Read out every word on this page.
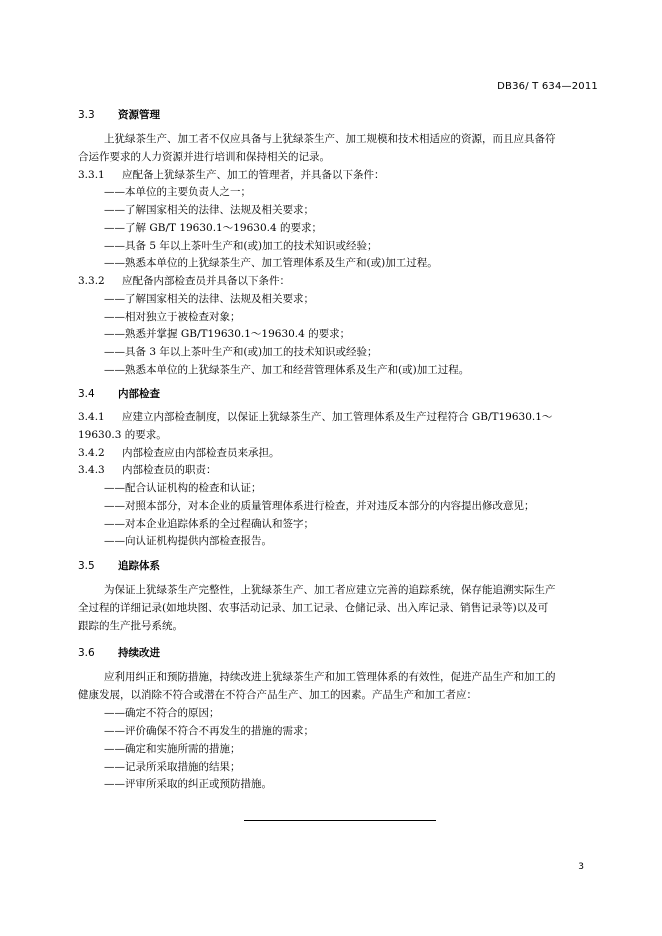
DB36/ T 634—2011
3.3 资源管理
上犹绿茶生产、加工者不仅应具备与上犹绿茶生产、加工规模和技术相适应的资源，而且应具备符
合运作要求的人力资源并进行培训和保持相关的记录。
3.3.1 应配备上犹绿茶生产、加工的管理者，并具备以下条件：
——本单位的主要负责人之一；
——了解国家相关的法律、法规及相关要求；
——了解 GB/T 19630.1～19630.4 的要求；
——具备 5 年以上茶叶生产和(或)加工的技术知识或经验；
——熟悉本单位的上犹绿茶生产、加工管理体系及生产和(或)加工过程。
3.3.2 应配备内部检查员并具备以下条件：
——了解国家相关的法律、法规及相关要求；
——相对独立于被检查对象；
——熟悉并掌握 GB/T19630.1～19630.4 的要求；
——具备 3 年以上茶叶生产和(或)加工的技术知识或经验；
——熟悉本单位的上犹绿茶生产、加工和经营管理体系及生产和(或)加工过程。
3.4 内部检查
3.4.1 应建立内部检查制度，以保证上犹绿茶生产、加工管理体系及生产过程符合 GB/T19630.1～
19630.3 的要求。
3.4.2 内部检查应由内部检查员来承担。
3.4.3 内部检查员的职责：
——配合认证机构的检查和认证；
——对照本部分，对本企业的质量管理体系进行检查，并对违反本部分的内容提出修改意见；
——对本企业追踪体系的全过程确认和签字；
——向认证机构提供内部检查报告。
3.5 追踪体系
为保证上犹绿茶生产完整性，上犹绿茶生产、加工者应建立完善的追踪系统，保存能追溯实际生产
全过程的详细记录(如地块图、农事活动记录、加工记录、仓储记录、出入库记录、销售记录等)以及可
跟踪的生产批号系统。
3.6 持续改进
应利用纠正和预防措施，持续改进上犹绿茶生产和加工管理体系的有效性，促进产品生产和加工的
健康发展，以消除不符合或潜在不符合产品生产、加工的因素。产品生产和加工者应：
——确定不符合的原因；
——评价确保不符合不再发生的措施的需求；
——确定和实施所需的措施；
——记录所采取措施的结果；
——评审所采取的纠正或预防措施。
3
